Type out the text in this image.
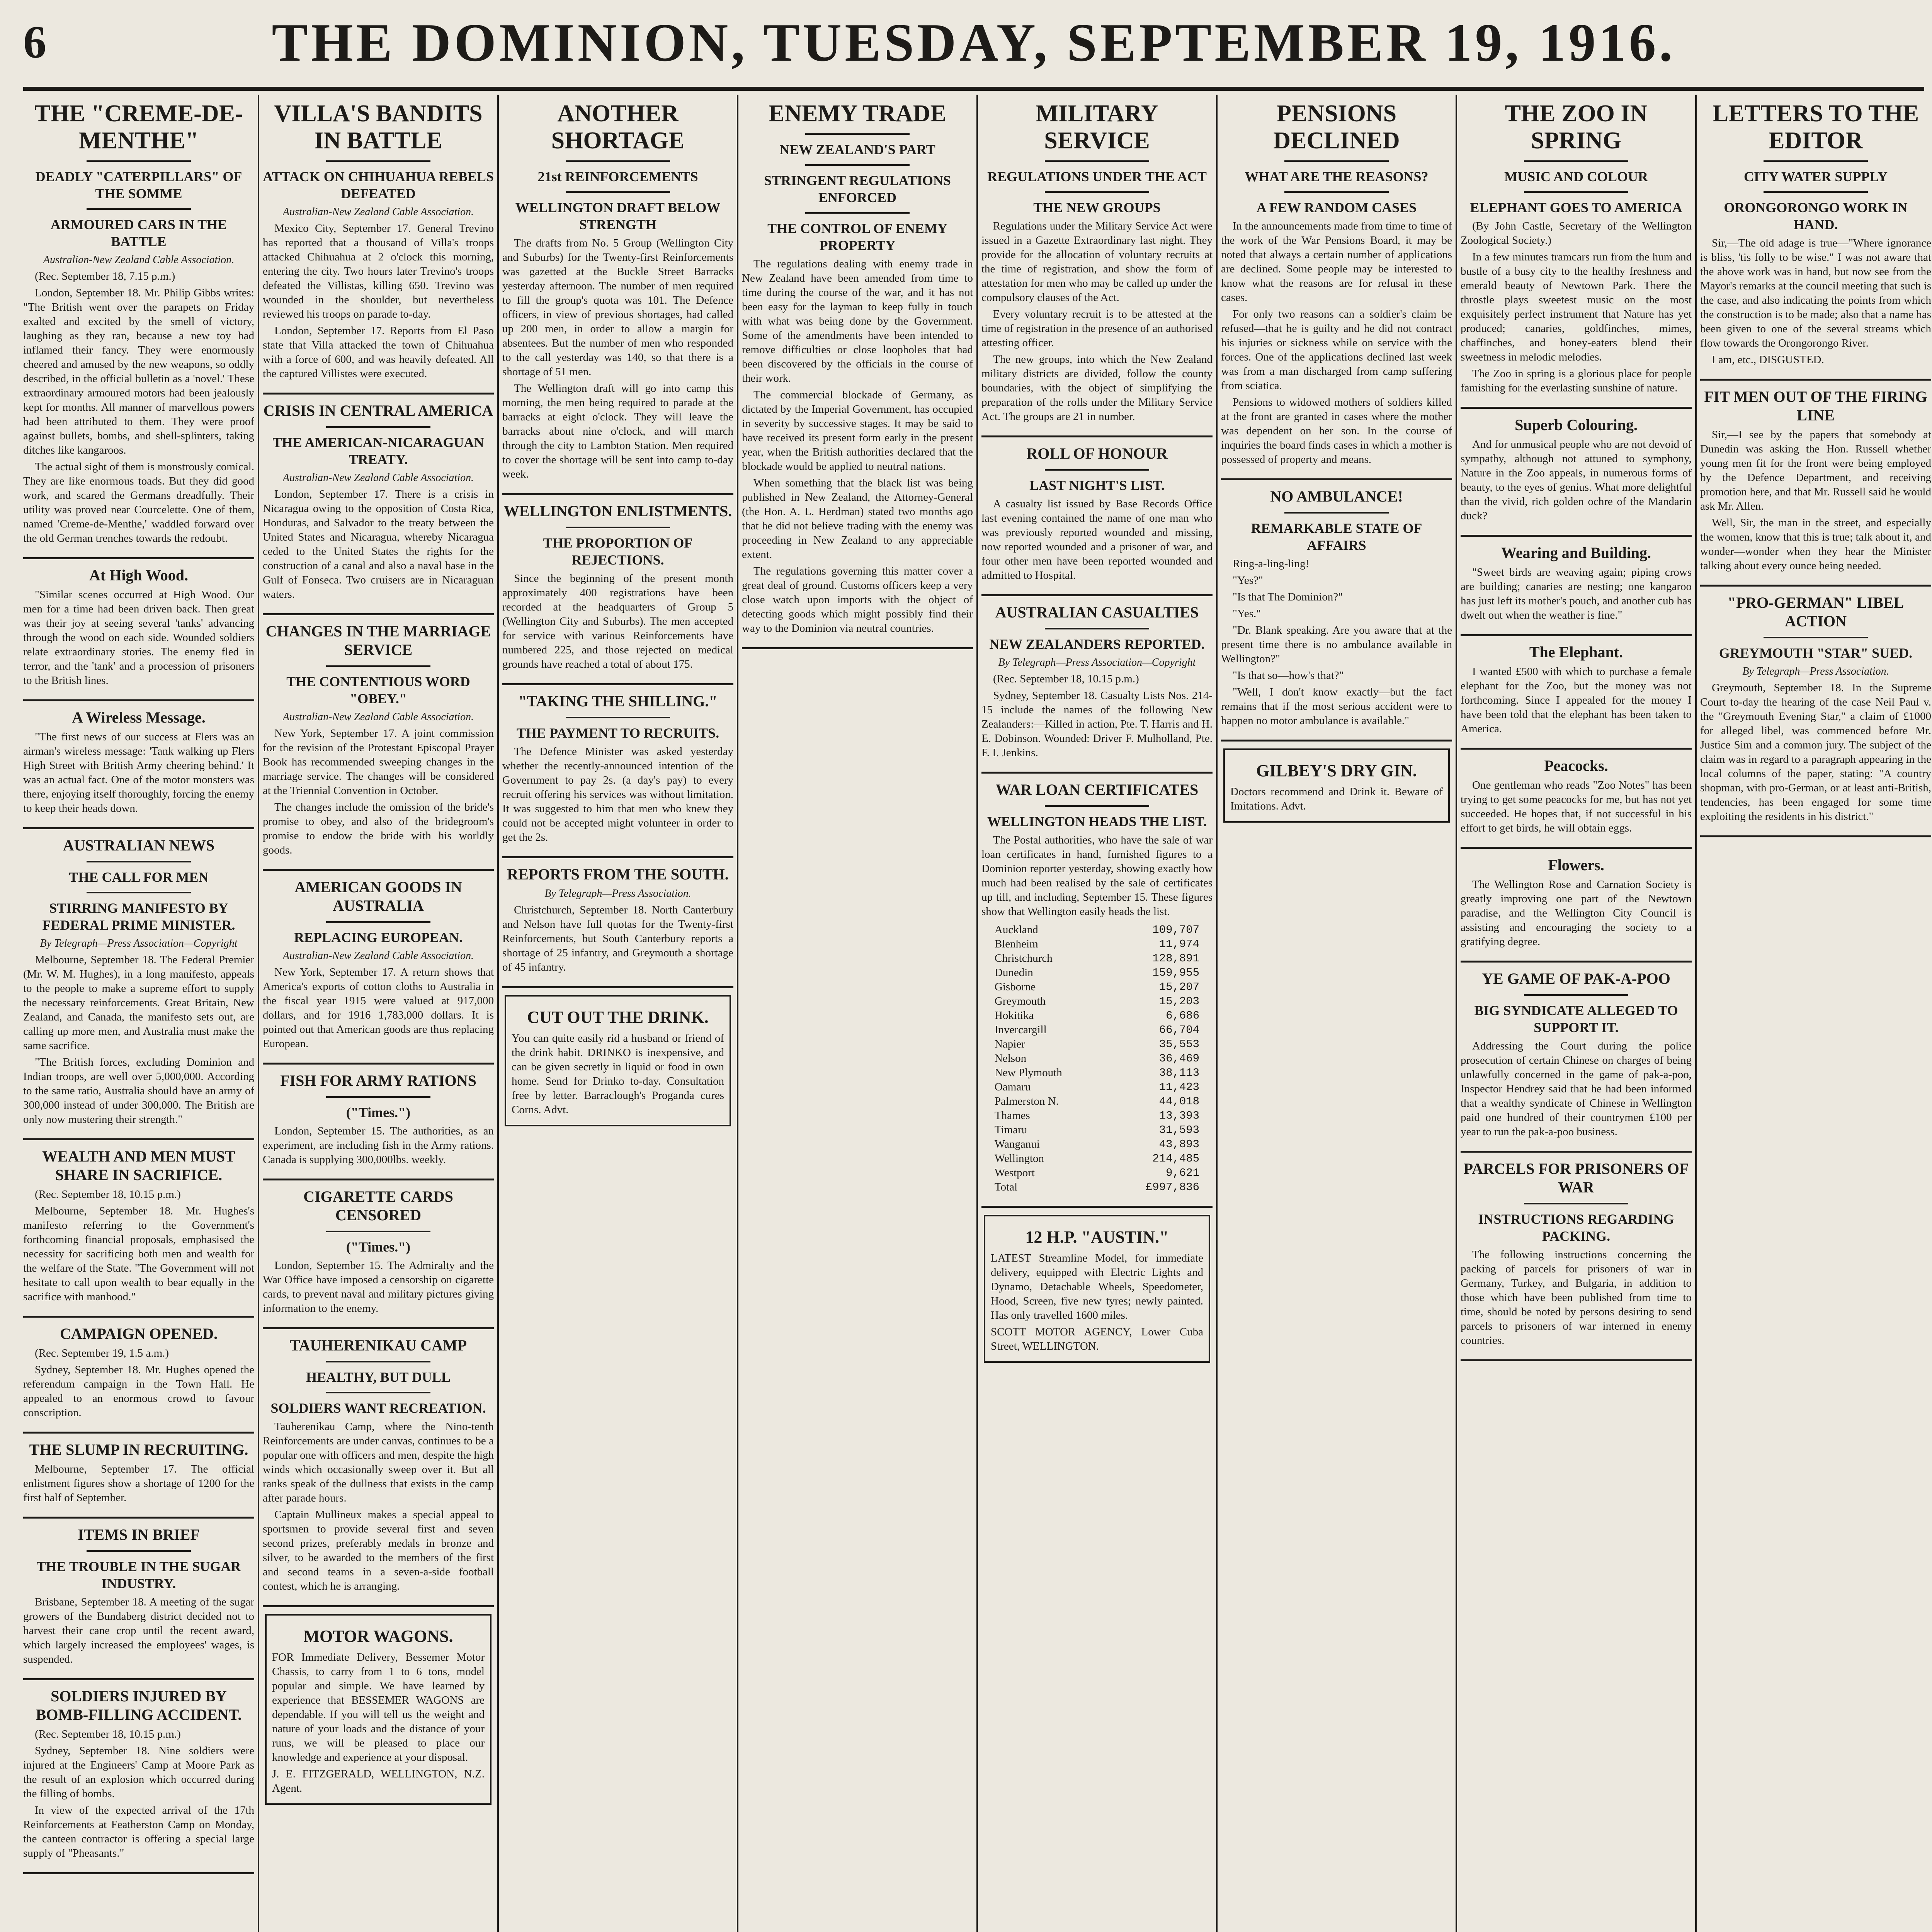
6	THE DOMINION, TUESDAY, SEPTEMBER 19, 1916.
THE "CREME-DE-MENTHE"
DEADLY "CATERPILLARS" OF THE SOMME
ARMOURED CARS IN THE BATTLE
Australian-New Zealand Cable Association.
(Rec. September 18, 7.15 p.m.)
London, September 18. Mr. Philip Gibbs writes: "The British went over the parapets on Friday exalted and excited by the smell of victory, laughing as they ran, because a new toy had inflamed their fancy. They were enormously cheered and amused by the new weapons, so oddly described, in the official bulletin as a 'novel.' These extraordinary armoured motors had been jealously kept for months. All manner of marvellous powers had been attributed to them. They were proof against bullets, bombs, and shell-splinters, taking ditches like kangaroos.
The actual sight of them is monstrously comical. They are like enormous toads. But they did good work, and scared the Germans dreadfully. Their utility was proved near Courcelette. One of them, named 'Creme-de-Menthe,' waddled forward over the old German trenches towards the redoubt.
At High Wood.
"Similar scenes occurred at High Wood. Our men for a time had been driven back. Then great was their joy at seeing several 'tanks' advancing through the wood on each side. Wounded soldiers relate extraordinary stories. The enemy fled in terror, and the 'tank' and a procession of prisoners to the British lines.
A Wireless Message.
"The first news of our success at Flers was an airman's wireless message: 'Tank walking up Flers High Street with British Army cheering behind.' It was an actual fact. One of the motor monsters was there, enjoying itself thoroughly, forcing the enemy to keep their heads down.
AUSTRALIAN NEWS
THE CALL FOR MEN
STIRRING MANIFESTO BY FEDERAL PRIME MINISTER.
By Telegraph—Press Association—Copyright
Melbourne, September 18. The Federal Premier (Mr. W. M. Hughes), in a long manifesto, appeals to the people to make a supreme effort to supply the necessary reinforcements. Great Britain, New Zealand, and Canada, the manifesto sets out, are calling up more men, and Australia must make the same sacrifice.
"The British forces, excluding Dominion and Indian troops, are well over 5,000,000. According to the same ratio, Australia should have an army of 300,000 instead of under 300,000. The British are only now mustering their strength."
WEALTH AND MEN MUST SHARE IN SACRIFICE.
(Rec. September 18, 10.15 p.m.)
Melbourne, September 18. Mr. Hughes's manifesto referring to the Government's forthcoming financial proposals, emphasised the necessity for sacrificing both men and wealth for the welfare of the State. "The Government will not hesitate to call upon wealth to bear equally in the sacrifice with manhood."
CAMPAIGN OPENED.
(Rec. September 19, 1.5 a.m.)
Sydney, September 18. Mr. Hughes opened the referendum campaign in the Town Hall. He appealed to an enormous crowd to favour conscription.
THE SLUMP IN RECRUITING.
Melbourne, September 17. The official enlistment figures show a shortage of 1200 for the first half of September.
ITEMS IN BRIEF
THE TROUBLE IN THE SUGAR INDUSTRY.
Brisbane, September 18. A meeting of the sugar growers of the Bundaberg district decided not to harvest their cane crop until the recent award, which largely increased the employees' wages, is suspended.
SOLDIERS INJURED BY BOMB-FILLING ACCIDENT.
(Rec. September 18, 10.15 p.m.)
Sydney, September 18. Nine soldiers were injured at the Engineers' Camp at Moore Park as the result of an explosion which occurred during the filling of bombs.
In view of the expected arrival of the 17th Reinforcements at Featherston Camp on Monday, the canteen contractor is offering a special large supply of "Pheasants."
VILLA'S BANDITS IN BATTLE
ATTACK ON CHIHUAHUA REBELS DEFEATED
Australian-New Zealand Cable Association.
Mexico City, September 17. General Trevino has reported that a thousand of Villa's troops attacked Chihuahua at 2 o'clock this morning, entering the city. Two hours later Trevino's troops defeated the Villistas, killing 650. Trevino was wounded in the shoulder, but nevertheless reviewed his troops on parade to-day.
London, September 17. Reports from El Paso state that Villa attacked the town of Chihuahua with a force of 600, and was heavily defeated. All the captured Villistes were executed.
CRISIS IN CENTRAL AMERICA
THE AMERICAN-NICARAGUAN TREATY.
Australian-New Zealand Cable Association.
London, September 17. There is a crisis in Nicaragua owing to the opposition of Costa Rica, Honduras, and Salvador to the treaty between the United States and Nicaragua, whereby Nicaragua ceded to the United States the rights for the construction of a canal and also a naval base in the Gulf of Fonseca. Two cruisers are in Nicaraguan waters.
CHANGES IN THE MARRIAGE SERVICE
THE CONTENTIOUS WORD "OBEY."
Australian-New Zealand Cable Association.
New York, September 17. A joint commission for the revision of the Protestant Episcopal Prayer Book has recommended sweeping changes in the marriage service. The changes will be considered at the Triennial Convention in October.
The changes include the omission of the bride's promise to obey, and also of the bridegroom's promise to endow the bride with his worldly goods.
AMERICAN GOODS IN AUSTRALIA
REPLACING EUROPEAN.
Australian-New Zealand Cable Association.
New York, September 17. A return shows that America's exports of cotton cloths to Australia in the fiscal year 1915 were valued at 917,000 dollars, and for 1916 1,783,000 dollars. It is pointed out that American goods are thus replacing European.
FISH FOR ARMY RATIONS
("Times.")
London, September 15. The authorities, as an experiment, are including fish in the Army rations. Canada is supplying 300,000lbs. weekly.
CIGARETTE CARDS CENSORED
("Times.")
London, September 15. The Admiralty and the War Office have imposed a censorship on cigarette cards, to prevent naval and military pictures giving information to the enemy.
TAUHERENIKAU CAMP
HEALTHY, BUT DULL
SOLDIERS WANT RECREATION.
Tauherenikau Camp, where the Nino-tenth Reinforcements are under canvas, continues to be a popular one with officers and men, despite the high winds which occasionally sweep over it. But all ranks speak of the dullness that exists in the camp after parade hours.
Captain Mullineux makes a special appeal to sportsmen to provide several first and seven second prizes, preferably medals in bronze and silver, to be awarded to the members of the first and second teams in a seven-a-side football contest, which he is arranging.
MOTOR WAGONS.
FOR Immediate Delivery, Bessemer Motor Chassis, to carry from 1 to 6 tons, model popular and simple. We have learned by experience that BESSEMER WAGONS are dependable. If you will tell us the weight and nature of your loads and the distance of your runs, we will be pleased to place our knowledge and experience at your disposal.
J. E. FITZGERALD, WELLINGTON, N.Z. Agent.
ANOTHER SHORTAGE
21st REINFORCEMENTS
WELLINGTON DRAFT BELOW STRENGTH
The drafts from No. 5 Group (Wellington City and Suburbs) for the Twenty-first Reinforcements was gazetted at the Buckle Street Barracks yesterday afternoon. The number of men required to fill the group's quota was 101. The Defence officers, in view of previous shortages, had called up 200 men, in order to allow a margin for absentees. But the number of men who responded to the call yesterday was 140, so that there is a shortage of 51 men.
The Wellington draft will go into camp this morning, the men being required to parade at the barracks at eight o'clock. They will leave the barracks about nine o'clock, and will march through the city to Lambton Station. Men required to cover the shortage will be sent into camp to-day week.
WELLINGTON ENLISTMENTS.
THE PROPORTION OF REJECTIONS.
Since the beginning of the present month approximately 400 registrations have been recorded at the headquarters of Group 5 (Wellington City and Suburbs). The men accepted for service with various Reinforcements have numbered 225, and those rejected on medical grounds have reached a total of about 175.
"TAKING THE SHILLING."
THE PAYMENT TO RECRUITS.
The Defence Minister was asked yesterday whether the recently-announced intention of the Government to pay 2s. (a day's pay) to every recruit offering his services was without limitation. It was suggested to him that men who knew they could not be accepted might volunteer in order to get the 2s.
REPORTS FROM THE SOUTH.
By Telegraph—Press Association.
Christchurch, September 18. North Canterbury and Nelson have full quotas for the Twenty-first Reinforcements, but South Canterbury reports a shortage of 25 infantry, and Greymouth a shortage of 45 infantry.
CUT OUT THE DRINK.
You can quite easily rid a husband or friend of the drink habit. DRINKO is inexpensive, and can be given secretly in liquid or food in own home. Send for Drinko to-day. Consultation free by letter. Barraclough's Proganda cures Corns. Advt.
ENEMY TRADE
NEW ZEALAND'S PART
STRINGENT REGULATIONS ENFORCED
THE CONTROL OF ENEMY PROPERTY
The regulations dealing with enemy trade in New Zealand have been amended from time to time during the course of the war, and it has not been easy for the layman to keep fully in touch with what was being done by the Government. Some of the amendments have been intended to remove difficulties or close loopholes that had been discovered by the officials in the course of their work.
The commercial blockade of Germany, as dictated by the Imperial Government, has occupied in severity by successive stages. It may be said to have received its present form early in the present year, when the British authorities declared that the blockade would be applied to neutral nations.
When something that the black list was being published in New Zealand, the Attorney-General (the Hon. A. L. Herdman) stated two months ago that he did not believe trading with the enemy was proceeding in New Zealand to any appreciable extent.
The regulations governing this matter cover a great deal of ground. Customs officers keep a very close watch upon imports with the object of detecting goods which might possibly find their way to the Dominion via neutral countries.
MILITARY SERVICE
REGULATIONS UNDER THE ACT
THE NEW GROUPS
Regulations under the Military Service Act were issued in a Gazette Extraordinary last night. They provide for the allocation of voluntary recruits at the time of registration, and show the form of attestation for men who may be called up under the compulsory clauses of the Act.
Every voluntary recruit is to be attested at the time of registration in the presence of an authorised attesting officer.
The new groups, into which the New Zealand military districts are divided, follow the county boundaries, with the object of simplifying the preparation of the rolls under the Military Service Act. The groups are 21 in number.
ROLL OF HONOUR
LAST NIGHT'S LIST.
A casualty list issued by Base Records Office last evening contained the name of one man who was previously reported wounded and missing, now reported wounded and a prisoner of war, and four other men have been reported wounded and admitted to Hospital.
AUSTRALIAN CASUALTIES
NEW ZEALANDERS REPORTED.
By Telegraph—Press Association—Copyright
(Rec. September 18, 10.15 p.m.)
Sydney, September 18. Casualty Lists Nos. 214-15 include the names of the following New Zealanders:—Killed in action, Pte. T. Harris and H. E. Dobinson. Wounded: Driver F. Mulholland, Pte. F. I. Jenkins.
WAR LOAN CERTIFICATES
WELLINGTON HEADS THE LIST.
The Postal authorities, who have the sale of war loan certificates in hand, furnished figures to a Dominion reporter yesterday, showing exactly how much had been realised by the sale of certificates up till, and including, September 15. These figures show that Wellington easily heads the list.
Auckland	109,707
Blenheim	11,974
Christchurch	128,891
Dunedin	159,955
Gisborne	15,207
Greymouth	15,203
Hokitika	6,686
Invercargill	66,704
Napier	35,553
Nelson	36,469
New Plymouth	38,113
Oamaru	11,423
Palmerston N.	44,018
Thames	13,393
Timaru	31,593
Wanganui	43,893
Wellington	214,485
Westport	9,621
Total	£997,836
12 H.P. "AUSTIN."
LATEST Streamline Model, for immediate delivery, equipped with Electric Lights and Dynamo, Detachable Wheels, Speedometer, Hood, Screen, five new tyres; newly painted. Has only travelled 1600 miles.
SCOTT MOTOR AGENCY, Lower Cuba Street, WELLINGTON.
PENSIONS DECLINED
WHAT ARE THE REASONS?
A FEW RANDOM CASES
In the announcements made from time to time of the work of the War Pensions Board, it may be noted that always a certain number of applications are declined. Some people may be interested to know what the reasons are for refusal in these cases.
For only two reasons can a soldier's claim be refused—that he is guilty and he did not contract his injuries or sickness while on service with the forces. One of the applications declined last week was from a man discharged from camp suffering from sciatica.
Pensions to widowed mothers of soldiers killed at the front are granted in cases where the mother was dependent on her son. In the course of inquiries the board finds cases in which a mother is possessed of property and means.
NO AMBULANCE!
REMARKABLE STATE OF AFFAIRS
Ring-a-ling-ling!
"Yes?"
"Is that The Dominion?"
"Yes."
"Dr. Blank speaking. Are you aware that at the present time there is no ambulance available in Wellington?"
"Is that so—how's that?"
"Well, I don't know exactly—but the fact remains that if the most serious accident were to happen no motor ambulance is available."
GILBEY'S DRY GIN.
Doctors recommend and Drink it. Beware of Imitations. Advt.
THE ZOO IN SPRING
MUSIC AND COLOUR
ELEPHANT GOES TO AMERICA
(By John Castle, Secretary of the Wellington Zoological Society.)
In a few minutes tramcars run from the hum and bustle of a busy city to the healthy freshness and emerald beauty of Newtown Park. There the throstle plays sweetest music on the most exquisitely perfect instrument that Nature has yet produced; canaries, goldfinches, mimes, chaffinches, and honey-eaters blend their sweetness in melodic melodies.
The Zoo in spring is a glorious place for people famishing for the everlasting sunshine of nature.
Superb Colouring.
And for unmusical people who are not devoid of sympathy, although not attuned to symphony, Nature in the Zoo appeals, in numerous forms of beauty, to the eyes of genius. What more delightful than the vivid, rich golden ochre of the Mandarin duck?
Wearing and Building.
"Sweet birds are weaving again; piping crows are building; canaries are nesting; one kangaroo has just left its mother's pouch, and another cub has dwelt out when the weather is fine."
The Elephant.
I wanted £500 with which to purchase a female elephant for the Zoo, but the money was not forthcoming. Since I appealed for the money I have been told that the elephant has been taken to America.
Peacocks.
One gentleman who reads "Zoo Notes" has been trying to get some peacocks for me, but has not yet succeeded. He hopes that, if not successful in his effort to get birds, he will obtain eggs.
Flowers.
The Wellington Rose and Carnation Society is greatly improving one part of the Newtown paradise, and the Wellington City Council is assisting and encouraging the society to a gratifying degree.
YE GAME OF PAK-A-POO
BIG SYNDICATE ALLEGED TO SUPPORT IT.
Addressing the Court during the police prosecution of certain Chinese on charges of being unlawfully concerned in the game of pak-a-poo, Inspector Hendrey said that he had been informed that a wealthy syndicate of Chinese in Wellington paid one hundred of their countrymen £100 per year to run the pak-a-poo business.
PARCELS FOR PRISONERS OF WAR
INSTRUCTIONS REGARDING PACKING.
The following instructions concerning the packing of parcels for prisoners of war in Germany, Turkey, and Bulgaria, in addition to those which have been published from time to time, should be noted by persons desiring to send parcels to prisoners of war interned in enemy countries.
LETTERS TO THE EDITOR
CITY WATER SUPPLY
ORONGORONGO WORK IN HAND.
Sir,—The old adage is true—"Where ignorance is bliss, 'tis folly to be wise." I was not aware that the above work was in hand, but now see from the Mayor's remarks at the council meeting that such is the case, and also indicating the points from which the construction is to be made; also that a name has been given to one of the several streams which flow towards the Orongorongo River.
I am, etc., DISGUSTED.
FIT MEN OUT OF THE FIRING LINE
Sir,—I see by the papers that somebody at Dunedin was asking the Hon. Russell whether young men fit for the front were being employed by the Defence Department, and receiving promotion here, and that Mr. Russell said he would ask Mr. Allen.
Well, Sir, the man in the street, and especially the women, know that this is true; talk about it, and wonder—wonder when they hear the Minister talking about every ounce being needed.
"PRO-GERMAN" LIBEL ACTION
GREYMOUTH "STAR" SUED.
By Telegraph—Press Association.
Greymouth, September 18. In the Supreme Court to-day the hearing of the case Neil Paul v. the "Greymouth Evening Star," a claim of £1000 for alleged libel, was commenced before Mr. Justice Sim and a common jury. The subject of the claim was in regard to a paragraph appearing in the local columns of the paper, stating: "A country shopman, with pro-German, or at least anti-British, tendencies, has been engaged for some time exploiting the residents in his district."
